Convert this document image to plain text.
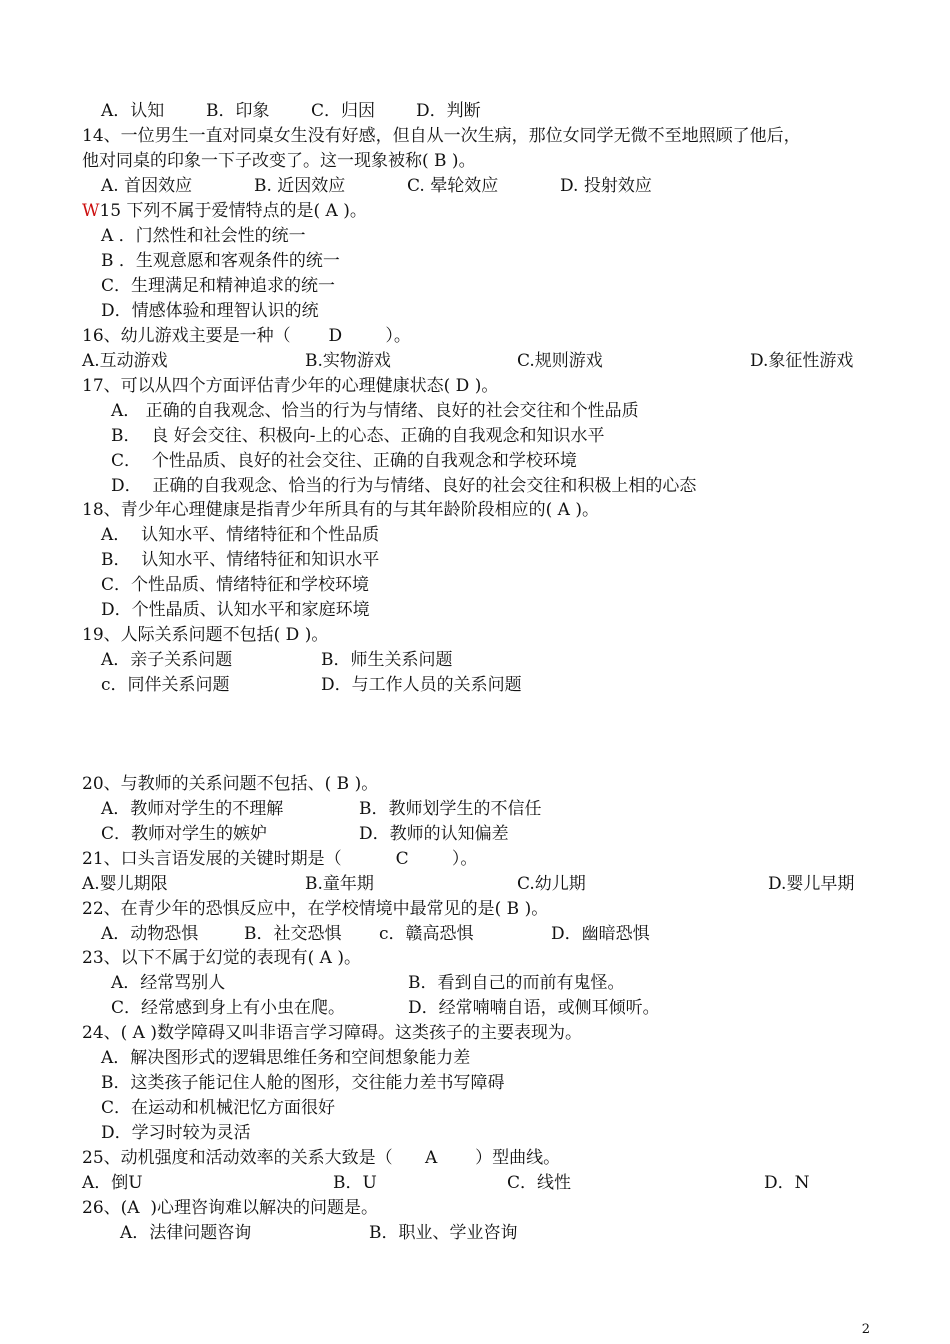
A．认知 B．印象 C．归因 D．判断
14、一位男生一直对同桌女生没有好感，但自从一次生病，那位女同学无微不至地照顾了他后，
他对同桌的印象一下子改变了。这一现象被称( B )。
A. 首因效应	B. 近因效应	C. 晕轮效应	D. 投射效应
W15 下列不属于爱情特点的是( A )。
A ．门然性和社会性的统一
B ．生观意愿和客观条件的统一
C．生理满足和精神追求的统一
D．情感体验和理智认识的统
16、幼儿游戏主要是一种（       D        ）。
A.互动游戏	B.实物游戏	C.规则游戏	D.象征性游戏
17、可以从四个方面评估青少年的心理健康状态( D )。
A． 正确的自我观念、恰当的行为与情绪、良好的社会交往和个性品质
B．  良 好会交往、积极向-上的心态、正确的自我观念和知识水平
C．  个性品质、良好的社会交往、正确的自我观念和学校环境
D．  正确的自我观念、恰当的行为与情绪、良好的社会交往和积极上相的心态
18、青少年心理健康是指青少年所具有的与其年龄阶段相应的( A )。
A．  认知水平、情绪特征和个性品质
B．  认知水平、情绪特征和知识水平
C．个性品质、情绪特征和学校环境
D．个性晶质、认知水平和家庭环境
19、人际关系问题不包括( D )。
A．亲子关系问题	B．师生关系问题
c．同伴关系问题	D．与工作人员的关系问题
20、与教师的关系问题不包括、( B )。
A．教师对学生的不理解	B．教师划学生的不信任
C．教师对学生的嫉妒	D．教师的认知偏差
21、口头言语发展的关键时期是（          C        ）。
A.婴儿期限	B.童年期	C.幼儿期	D.婴儿早期
22、在青少年的恐惧反应中，在学校情境中最常见的是( B )。
A．动物恐惧	B．社交恐惧 c．赣高恐惧	D．幽暗恐惧
23、以下不属于幻觉的表现有( A )。
A．经常骂别人	B．看到自己的而前有鬼怪。
C．经常感到身上有小虫在爬。	D．经常喃喃自语，或侧耳倾听。
24、( A )数学障碍又叫非语言学习障碍。这类孩子的主要表现为。
A．解决图形式的逻辑思维任务和空间想象能力差
B．这类孩子能记住人舱的图形，交往能力差书写障碍
C．在运动和机械汜忆方面很好
D．学习时较为灵活
25、动机强度和活动效率的关系大致是（      A       ）型曲线。
A．倒U	B．U	C．线性	D．N
26、(A  )心理咨询难以解决的问题是。
A．法律问题咨询	B．职业、学业咨询
2
